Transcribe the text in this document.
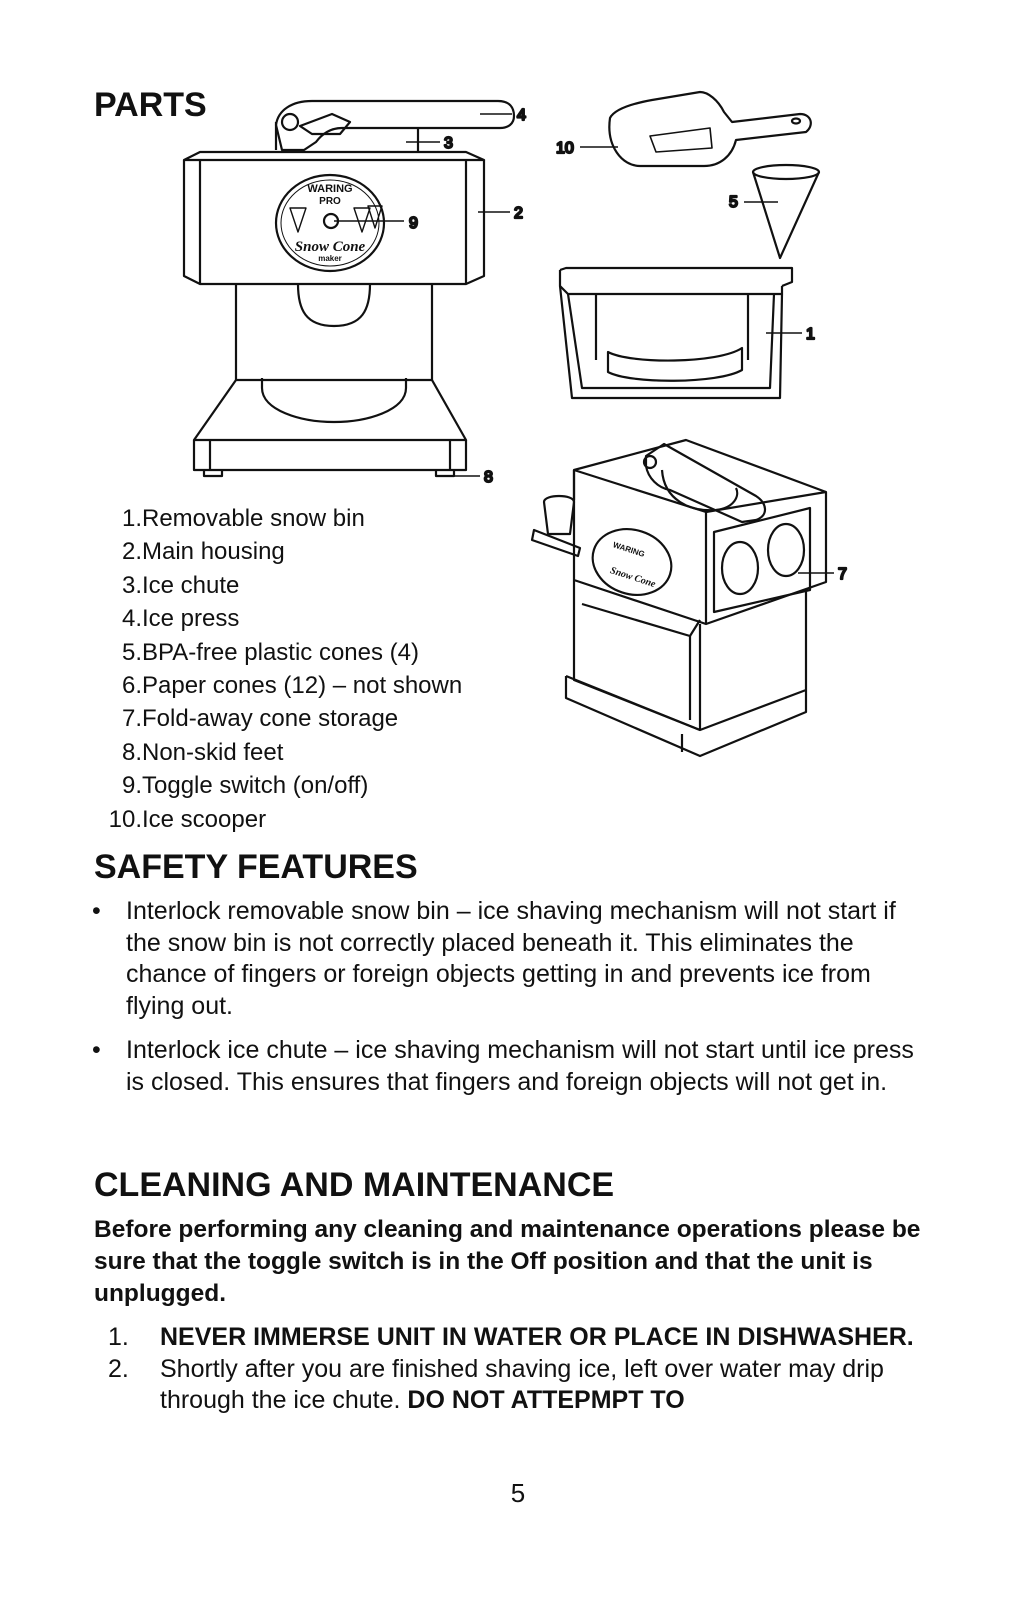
PARTS
WARING
PRO
Snow Cone
maker
WARING
Snow Cone
4
3
2
9
10
5
1
7
8
1. Removable snow bin
2. Main housing
3. Ice chute
4. Ice press
5. BPA-free plastic cones (4)
6. Paper cones (12) – not shown
7. Fold-away cone storage
8. Non-skid feet
9. Toggle switch (on/off)
10. Ice scooper
SAFETY FEATURES
• Interlock removable snow bin – ice shaving mechanism will not start if the snow bin is not correctly placed beneath it. This eliminates the chance of fingers or foreign objects getting in and prevents ice from flying out.
• Interlock ice chute – ice shaving mechanism will not start until ice press is closed. This ensures that fingers and foreign objects will not get in.
CLEANING AND MAINTENANCE

Before performing any cleaning and maintenance operations please be sure that the toggle switch is in the Off position and that the unit is unplugged.

1. NEVER IMMERSE UNIT IN WATER OR PLACE IN DISHWASHER.
2. Shortly after you are finished shaving ice, left over water may drip through the ice chute. DO NOT ATTEPMPT TO
5
